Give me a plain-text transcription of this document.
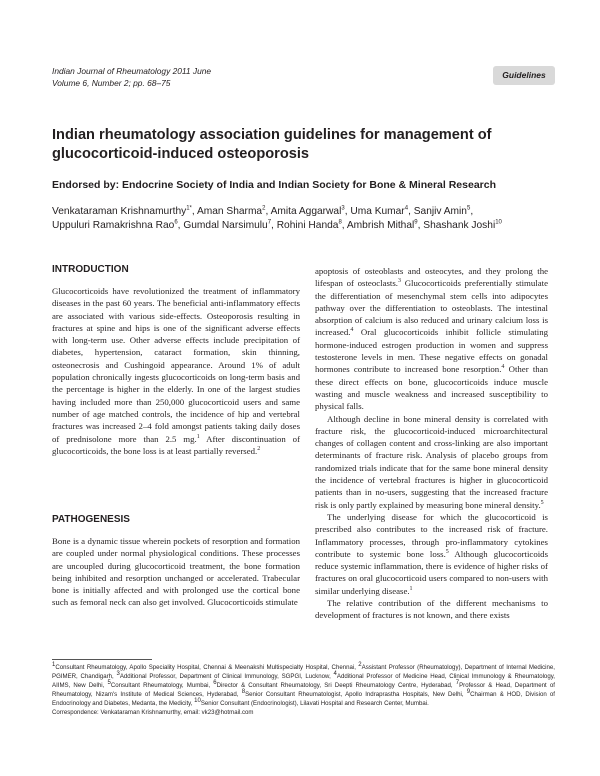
Indian Journal of Rheumatology 2011 June
Volume 6, Number 2; pp. 68–75
Guidelines
Indian rheumatology association guidelines for management of glucocorticoid-induced osteoporosis
Endorsed by: Endocrine Society of India and Indian Society for Bone & Mineral Research
Venkataraman Krishnamurthy$^{1*}$, Aman Sharma$^2$, Amita Aggarwal$^3$, Uma Kumar$^4$, Sanjiv Amin$^5$, Uppuluri Ramakrishna Rao$^6$, Gumdal Narsimulu$^7$, Rohini Handa$^8$, Ambrish Mithal$^9$, Shashank Joshi$^{10}$
INTRODUCTION
Glucocorticoids have revolutionized the treatment of inflammatory diseases in the past 60 years. The beneficial anti-inflammatory effects are associated with various side-effects. Osteoporosis resulting in fractures at spine and hips is one of the significant adverse effects with long-term use. Other adverse effects include precipitation of diabetes, hypertension, cataract formation, skin thinning, osteonecrosis and Cushingoid appearance. Around 1% of adult population chronically ingests glucocorticoids on long-term basis and the percentage is higher in the elderly. In one of the largest studies having included more than 250,000 glucocorticoid users and same number of age matched controls, the incidence of hip and vertebral fractures was increased 2–4 fold amongst patients taking daily doses of prednisolone more than 2.5 mg.$^1$ After discontinuation of glucocorticoids, the bone loss is at least partially reversed.$^2$
PATHOGENESIS
Bone is a dynamic tissue wherein pockets of resorption and formation are coupled under normal physiological conditions. These processes are uncoupled during glucocorticoid treatment, the bone formation being inhibited and resorption unchanged or accelerated. Trabecular bone is initially affected and with prolonged use the cortical bone such as femoral neck can also get involved. Glucocorticoids stimulate

apoptosis of osteoblasts and osteocytes, and they prolong the lifespan of osteoclasts.$^3$ Glucocorticoids preferentially stimulate the differentiation of mesenchymal stem cells into adipocytes pathway over the differentiation to osteoblasts. The intestinal absorption of calcium is also reduced and urinary calcium loss is increased.$^4$ Oral glucocorticoids inhibit follicle stimulating hormone-induced estrogen production in women and suppress testosterone levels in men. These negative effects on gonadal hormones contribute to increased bone resorption.$^4$ Other than these direct effects on bone, glucocorticoids induce muscle wasting and muscle weakness and increased susceptibility to physical falls.

Although decline in bone mineral density is correlated with fracture risk, the glucocorticoid-induced microarchitectural changes of collagen content and cross-linking are also important determinants of fracture risk. Analysis of placebo groups from randomized trials indicate that for the same bone mineral density the incidence of vertebral fractures is higher in glucocorticoid patients than in no-users, suggesting that the increased fracture risk is only partly explained by measuring bone mineral density.$^5$

The underlying disease for which the glucocorticoid is prescribed also contributes to the increased risk of fracture. Inflammatory processes, through pro-inflammatory cytokines contribute to systemic bone loss.$^5$ Although glucocorticoids reduce systemic inflammation, there is evidence of higher risks of fractures on oral glucocorticoid users compared to non-users with similar underlying disease.$^1$

The relative contribution of the different mechanisms to development of fractures is not known, and there exists

$^1$Consultant Rheumatology, Apollo Speciality Hospital, Chennai & Meenakshi Multispecialty Hospital, Chennai, $^2$Assistant Professor (Rheumatology), Department of Internal Medicine, PGIMER, Chandigarh, $^3$Additional Professor, Department of Clinical Immunology, SGPGI, Lucknow, $^4$Additional Professor of Medicine Head, Clinical Immunology & Rheumatology, AIIMS, New Delhi, $^5$Consultant Rheumatology, Mumbai, $^6$Director & Consultant Rheumatology, Sri Deepti Rheumatology Centre, Hyderabad, $^7$Professor & Head, Department of Rheumatology, Nizam's Institute of Medical Sciences, Hyderabad, $^8$Senior Consultant Rheumatologist, Apollo Indraprastha Hospitals, New Delhi, $^9$Chairman & HOD, Division of Endocrinology and Diabetes, Medanta, the Medicity, $^{10}$Senior Consultant (Endocrinologist), Lilavati Hospital and Research Center, Mumbai.
Correspondence: Venkataraman Krishnamurthy, email: vk23@hotmail.com
